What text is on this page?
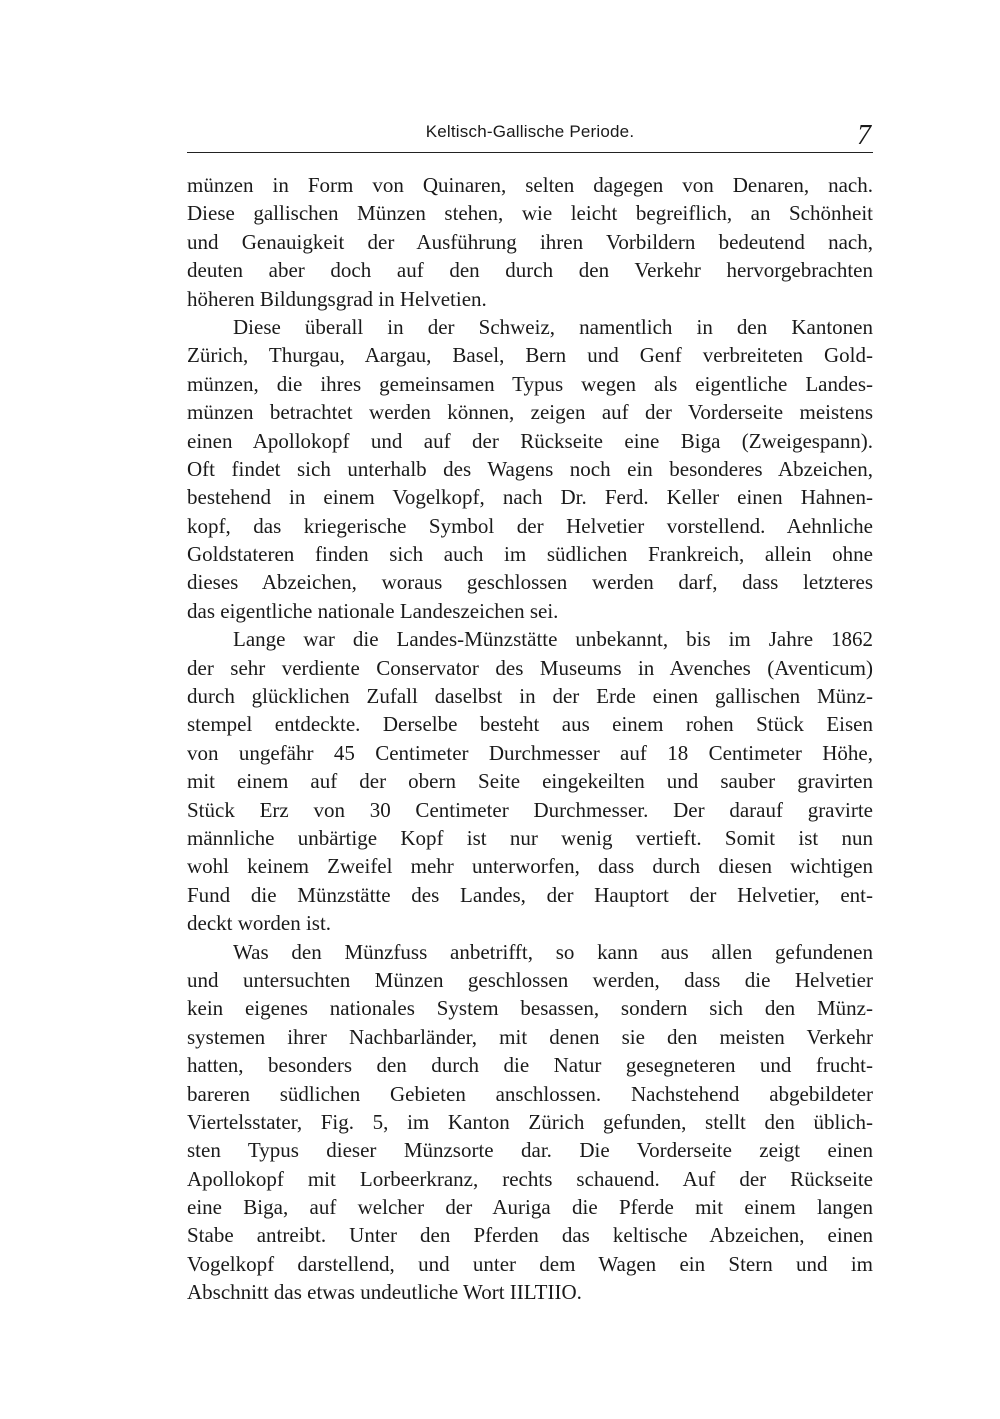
Keltisch-Gallische Periode.	7
münzen in Form von Quinaren, selten dagegen von Denaren, nach.
Diese gallischen Münzen stehen, wie leicht begreiflich, an Schönheit
und Genauigkeit der Ausführung ihren Vorbildern bedeutend nach,
deuten aber doch auf den durch den Verkehr hervorgebrachten
höheren Bildungsgrad in Helvetien.
Diese überall in der Schweiz, namentlich in den Kantonen
Zürich, Thurgau, Aargau, Basel, Bern und Genf verbreiteten Gold-
münzen, die ihres gemeinsamen Typus wegen als eigentliche Landes-
münzen betrachtet werden können, zeigen auf der Vorderseite meistens
einen Apollokopf und auf der Rückseite eine Biga (Zweigespann).
Oft findet sich unterhalb des Wagens noch ein besonderes Abzeichen,
bestehend in einem Vogelkopf, nach Dr. Ferd. Keller einen Hahnen-
kopf, das kriegerische Symbol der Helvetier vorstellend. Aehnliche
Goldstateren finden sich auch im südlichen Frankreich, allein ohne
dieses Abzeichen, woraus geschlossen werden darf, dass letzteres
das eigentliche nationale Landeszeichen sei.
Lange war die Landes-Münzstätte unbekannt, bis im Jahre 1862
der sehr verdiente Conservator des Museums in Avenches (Aventicum)
durch glücklichen Zufall daselbst in der Erde einen gallischen Münz-
stempel entdeckte. Derselbe besteht aus einem rohen Stück Eisen
von ungefähr 45 Centimeter Durchmesser auf 18 Centimeter Höhe,
mit einem auf der obern Seite eingekeilten und sauber gravirten
Stück Erz von 30 Centimeter Durchmesser. Der darauf gravirte
männliche unbärtige Kopf ist nur wenig vertieft. Somit ist nun
wohl keinem Zweifel mehr unterworfen, dass durch diesen wichtigen
Fund die Münzstätte des Landes, der Hauptort der Helvetier, ent-
deckt worden ist.
Was den Münzfuss anbetrifft, so kann aus allen gefundenen
und untersuchten Münzen geschlossen werden, dass die Helvetier
kein eigenes nationales System besassen, sondern sich den Münz-
systemen ihrer Nachbarländer, mit denen sie den meisten Verkehr
hatten, besonders den durch die Natur gesegneteren und frucht-
bareren südlichen Gebieten anschlossen. Nachstehend abgebildeter
Viertelsstater, Fig. 5, im Kanton Zürich gefunden, stellt den üblich-
sten Typus dieser Münzsorte dar. Die Vorderseite zeigt einen
Apollokopf mit Lorbeerkranz, rechts schauend. Auf der Rückseite
eine Biga, auf welcher der Auriga die Pferde mit einem langen
Stabe antreibt. Unter den Pferden das keltische Abzeichen, einen
Vogelkopf darstellend, und unter dem Wagen ein Stern und im
Abschnitt das etwas undeutliche Wort IILTIIO.
